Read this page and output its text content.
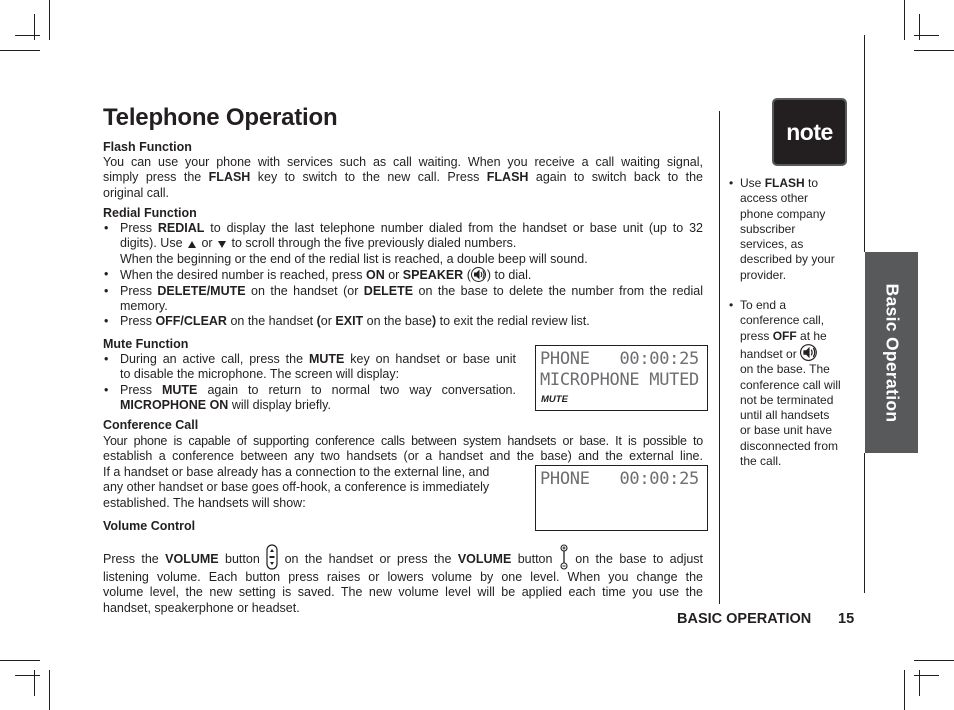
Telephone Operation
Flash Function
You can use your phone with services such as call waiting. When you receive a call waiting signal,
simply press the FLASH key to switch to the new call. Press FLASH again to switch back to the
original call.
Redial Function
• Press REDIAL to display the last telephone number dialed from the handset or base unit (up to 32
digits). Use  or  to scroll through the five previously dialed numbers.
When the beginning or the end of the redial list is reached, a double beep will sound.
• When the desired number is reached, press ON or SPEAKER ( ) to dial.
• Press DELETE/MUTE on the handset (or DELETE on the base to delete the number from the redial
memory.
• Press OFF/CLEAR on the handset (or EXIT on the base) to exit the redial review list.
Mute Function
• During an active call, press the MUTE key on handset or base unit
to disable the microphone. The screen will display:
• Press MUTE again to return to normal two way conversation.
MICROPHONE ON will display briefly.
PHONE   00:00:25
MICROPHONE MUTED
MUTE
Conference Call
Your phone is capable of supporting conference calls between system handsets or base. It is possible to
establish a conference between any two handsets (or a handset and the base) and the external line.
If a handset or base already has a connection to the external line, and
any other handset or base goes off-hook, a conference is immediately
established. The handsets will show:
PHONE   00:00:25
Volume Control
Press the VOLUME button  on the handset or press the VOLUME button  on the base to adjust
listening volume. Each button press raises or lowers volume by one level. When you change the
volume level, the new setting is saved. The new volume level will be applied each time you use the
handset, speakerphone or headset.
note
• Use FLASH to
access other
phone company
subscriber
services, as
described by your
provider.
• To end a
conference call,
press OFF at he
handset or
on the base. The
conference call will
not be terminated
until all handsets
or base unit have
disconnected from
the call.
Basic Operation
BASIC OPERATION 15
